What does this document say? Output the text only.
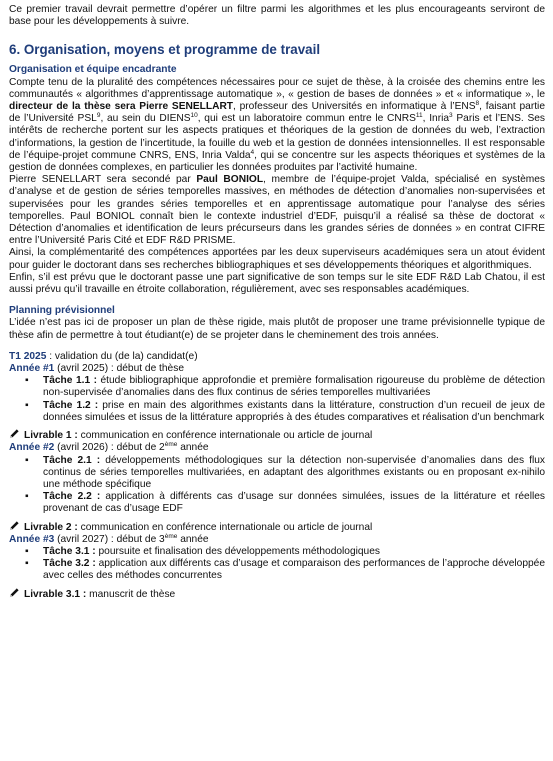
Ce premier travail devrait permettre d’opérer un filtre parmi les algorithmes et les plus encourageants serviront de base pour les développements à suivre.

6. Organisation, moyens et programme de travail
Organisation et équipe encadrante

Compte tenu de la pluralité des compétences nécessaires pour ce sujet de thèse, à la croisée des chemins entre les communautés « algorithmes d’apprentissage automatique », « gestion de bases de données » et « informatique », le directeur de la thèse sera Pierre SENELLART, professeur des Universités en informatique à l’ENS$^8$, faisant partie de l’Université PSL$^9$, au sein du DIENS$^{10}$, qui est un laboratoire commun entre le CNRS$^{11}$, Inria$^3$ Paris et l’ENS. Ses intérêts de recherche portent sur les aspects pratiques et théoriques de la gestion de données du web, l’extraction d’informations, la gestion de l’incertitude, la fouille du web et la gestion de données intensionnelles. Il est responsable de l’équipe-projet commune CNRS, ENS, Inria Valda$^4$, qui se concentre sur les aspects théoriques et systèmes de la gestion de données complexes, en particulier les données produites par l’activité humaine.

Pierre SENELLART sera secondé par Paul BONIOL, membre de l’équipe-projet Valda, spécialisé en systèmes d’analyse et de gestion de séries temporelles massives, en méthodes de détection d’anomalies non-supervisées et supervisées pour les grandes séries temporelles et en apprentissage automatique pour l’analyse des séries temporelles. Paul BONIOL connaît bien le contexte industriel d’EDF, puisqu’il a réalisé sa thèse de doctorat « Détection d’anomalies et identification de leurs précurseurs dans les grandes séries de données » en contrat CIFRE entre l’Université Paris Cité et EDF R&D PRISME.

Ainsi, la complémentarité des compétences apportées par les deux superviseurs académiques sera un atout évident pour guider le doctorant dans ses recherches bibliographiques et ses développements théoriques et algorithmiques.

Enfin, s’il est prévu que le doctorant passe une part significative de son temps sur le site EDF R&D Lab Chatou, il est aussi prévu qu’il travaille en étroite collaboration, régulièrement, avec ses responsables académiques.

Planning prévisionnel

L’idée n’est pas ici de proposer un plan de thèse rigide, mais plutôt de proposer une trame prévisionnelle typique de thèse afin de permettre à tout étudiant(e) de se projeter dans le cheminement des trois années.

T1 2025 : validation du (de la) candidat(e)

Année #1 (avril 2025) : début de thèse

▪ Tâche 1.1 : étude bibliographique approfondie et première formalisation rigoureuse du problème de détection non-supervisée d’anomalies dans des flux continus de séries temporelles multivariées
▪ Tâche 1.2 : prise en main des algorithmes existants dans la littérature, construction d’un recueil de jeux de données simulées et issus de la littérature appropriés à des études comparatives et réalisation d’un benchmark

Livrable 1 : communication en conférence internationale ou article de journal

Année #2 (avril 2026) : début de 2ème année

▪ Tâche 2.1 : développements méthodologiques sur la détection non-supervisée d’anomalies dans des flux continus de séries temporelles multivariées, en adaptant des algorithmes existants ou en proposant ex-nihilo une méthode spécifique
▪ Tâche 2.2 : application à différents cas d’usage sur données simulées, issues de la littérature et réelles provenant de cas d’usage EDF

Livrable 2 : communication en conférence internationale ou article de journal

Année #3 (avril 2027) : début de 3ème année

▪ Tâche 3.1 : poursuite et finalisation des développements méthodologiques
▪ Tâche 3.2 : application aux différents cas d’usage et comparaison des performances de l’approche développée avec celles des méthodes concurrentes

Livrable 3.1 : manuscrit de thèse
